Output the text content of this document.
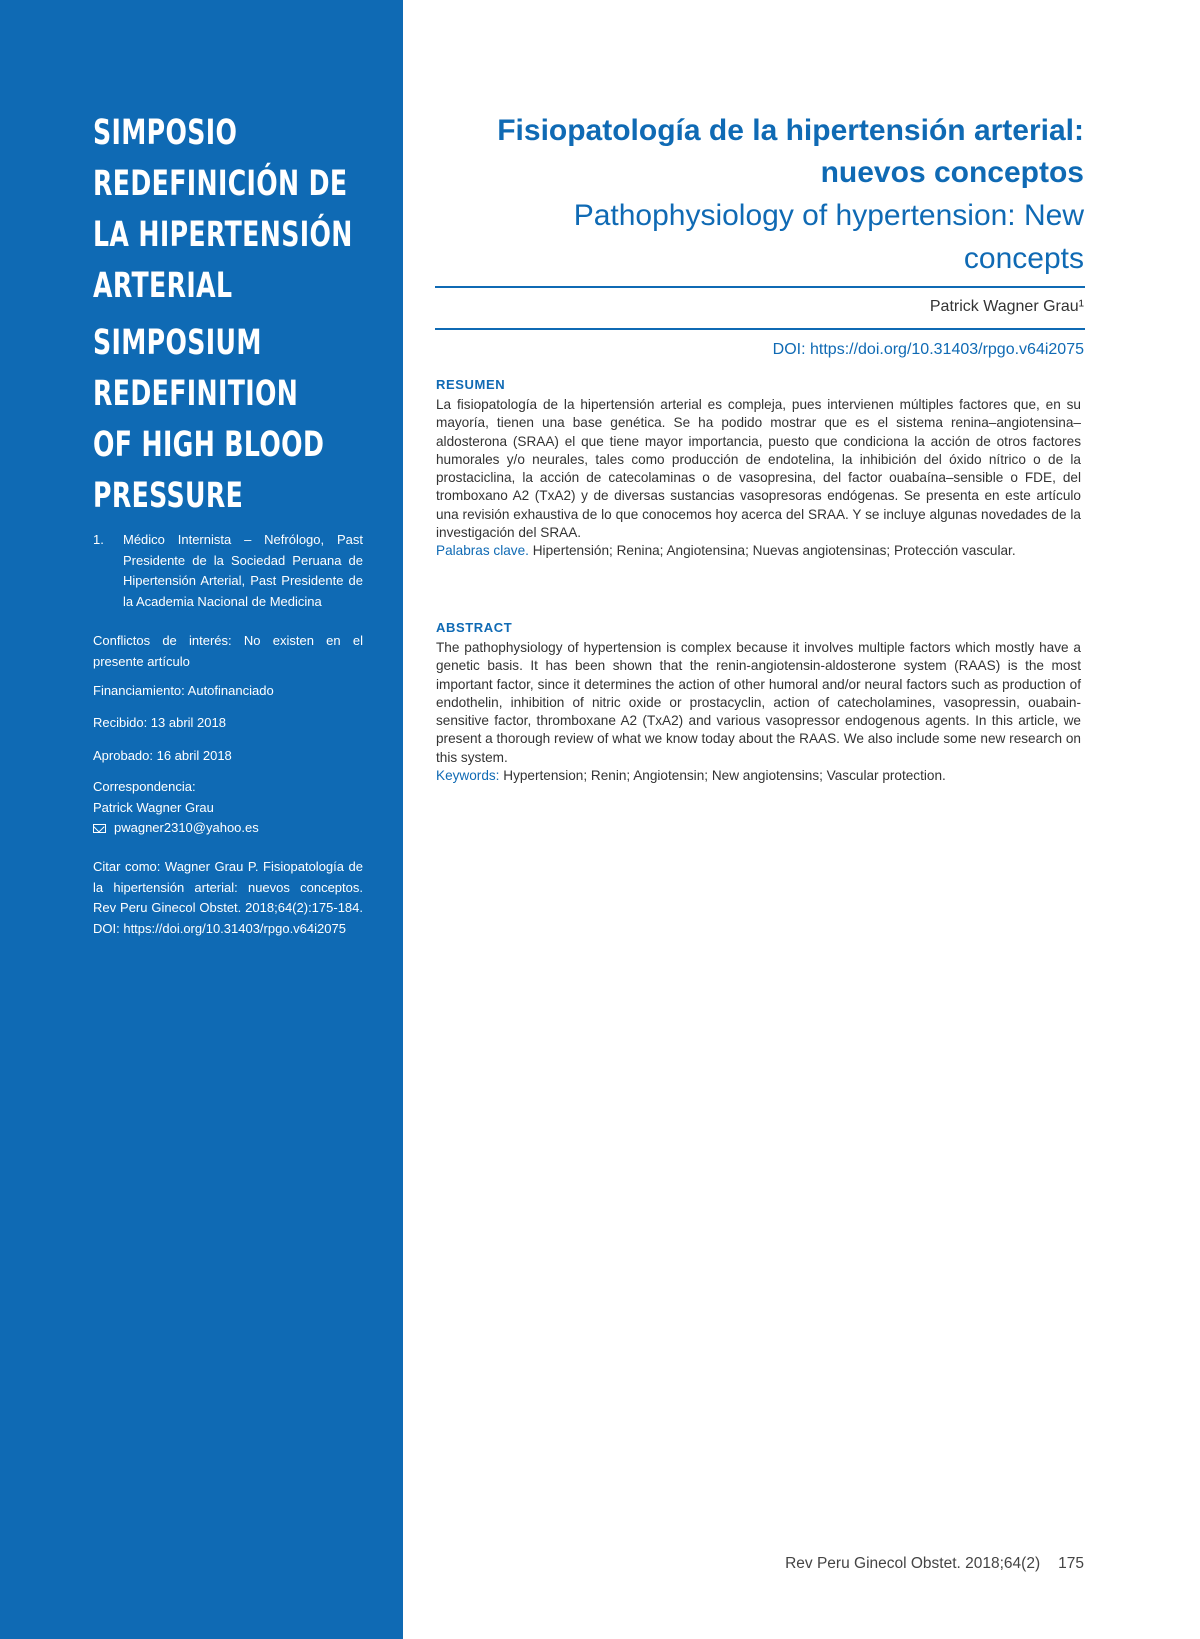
SIMPOSIO
REDEFINICIÓN DE
LA HIPERTENSIÓN
ARTERIAL
SIMPOSIUM
REDEFINITION
OF HIGH BLOOD
PRESSURE
1.	Médico Internista – Nefrólogo, Past Presidente de la Sociedad Peruana de Hipertensión Arterial, Past Presidente de la Academia Nacional de Medicina
Conflictos de interés: No existen en el presente artículo
Financiamiento: Autofinanciado
Recibido: 13 abril 2018
Aprobado: 16 abril 2018
Correspondencia:
Patrick Wagner Grau
pwagner2310@yahoo.es
Citar como: Wagner Grau P. Fisiopatología de la hipertensión arterial: nuevos conceptos. Rev Peru Ginecol Obstet. 2018;64(2):175-184. DOI: https://doi.org/10.31403/rpgo.v64i2075
Fisiopatología de la hipertensión arterial: nuevos conceptos
Pathophysiology of hypertension: New concepts
Patrick Wagner Grau¹
DOI: https://doi.org/10.31403/rpgo.v64i2075
RESUMEN
La fisiopatología de la hipertensión arterial es compleja, pues intervienen múltiples factores que, en su mayoría, tienen una base genética. Se ha podido mostrar que es el sistema renina–angiotensina–aldosterona (SRAA) el que tiene mayor importancia, puesto que condiciona la acción de otros factores humorales y/o neurales, tales como producción de endotelina, la inhibición del óxido nítrico o de la prostaciclina, la acción de catecolaminas o de vasopresina, del factor ouabaína–sensible o FDE, del tromboxano A2 (TxA2) y de diversas sustancias vasopresoras endógenas. Se presenta en este artículo una revisión exhaustiva de lo que conocemos hoy acerca del SRAA. Y se incluye algunas novedades de la investigación del SRAA.
Palabras clave. Hipertensión; Renina; Angiotensina; Nuevas angiotensinas; Protección vascular.
ABSTRACT
The pathophysiology of hypertension is complex because it involves multiple factors which mostly have a genetic basis. It has been shown that the renin-angiotensin-aldosterone system (RAAS) is the most important factor, since it determines the action of other humoral and/or neural factors such as production of endothelin, inhibition of nitric oxide or prostacyclin, action of catecholamines, vasopressin, ouabain-sensitive factor, thromboxane A2 (TxA2) and various vasopressor endogenous agents. In this article, we present a thorough review of what we know today about the RAAS. We also include some new research on this system.
Keywords: Hypertension; Renin; Angiotensin; New angiotensins; Vascular protection.
Rev Peru Ginecol Obstet. 2018;64(2) 175
